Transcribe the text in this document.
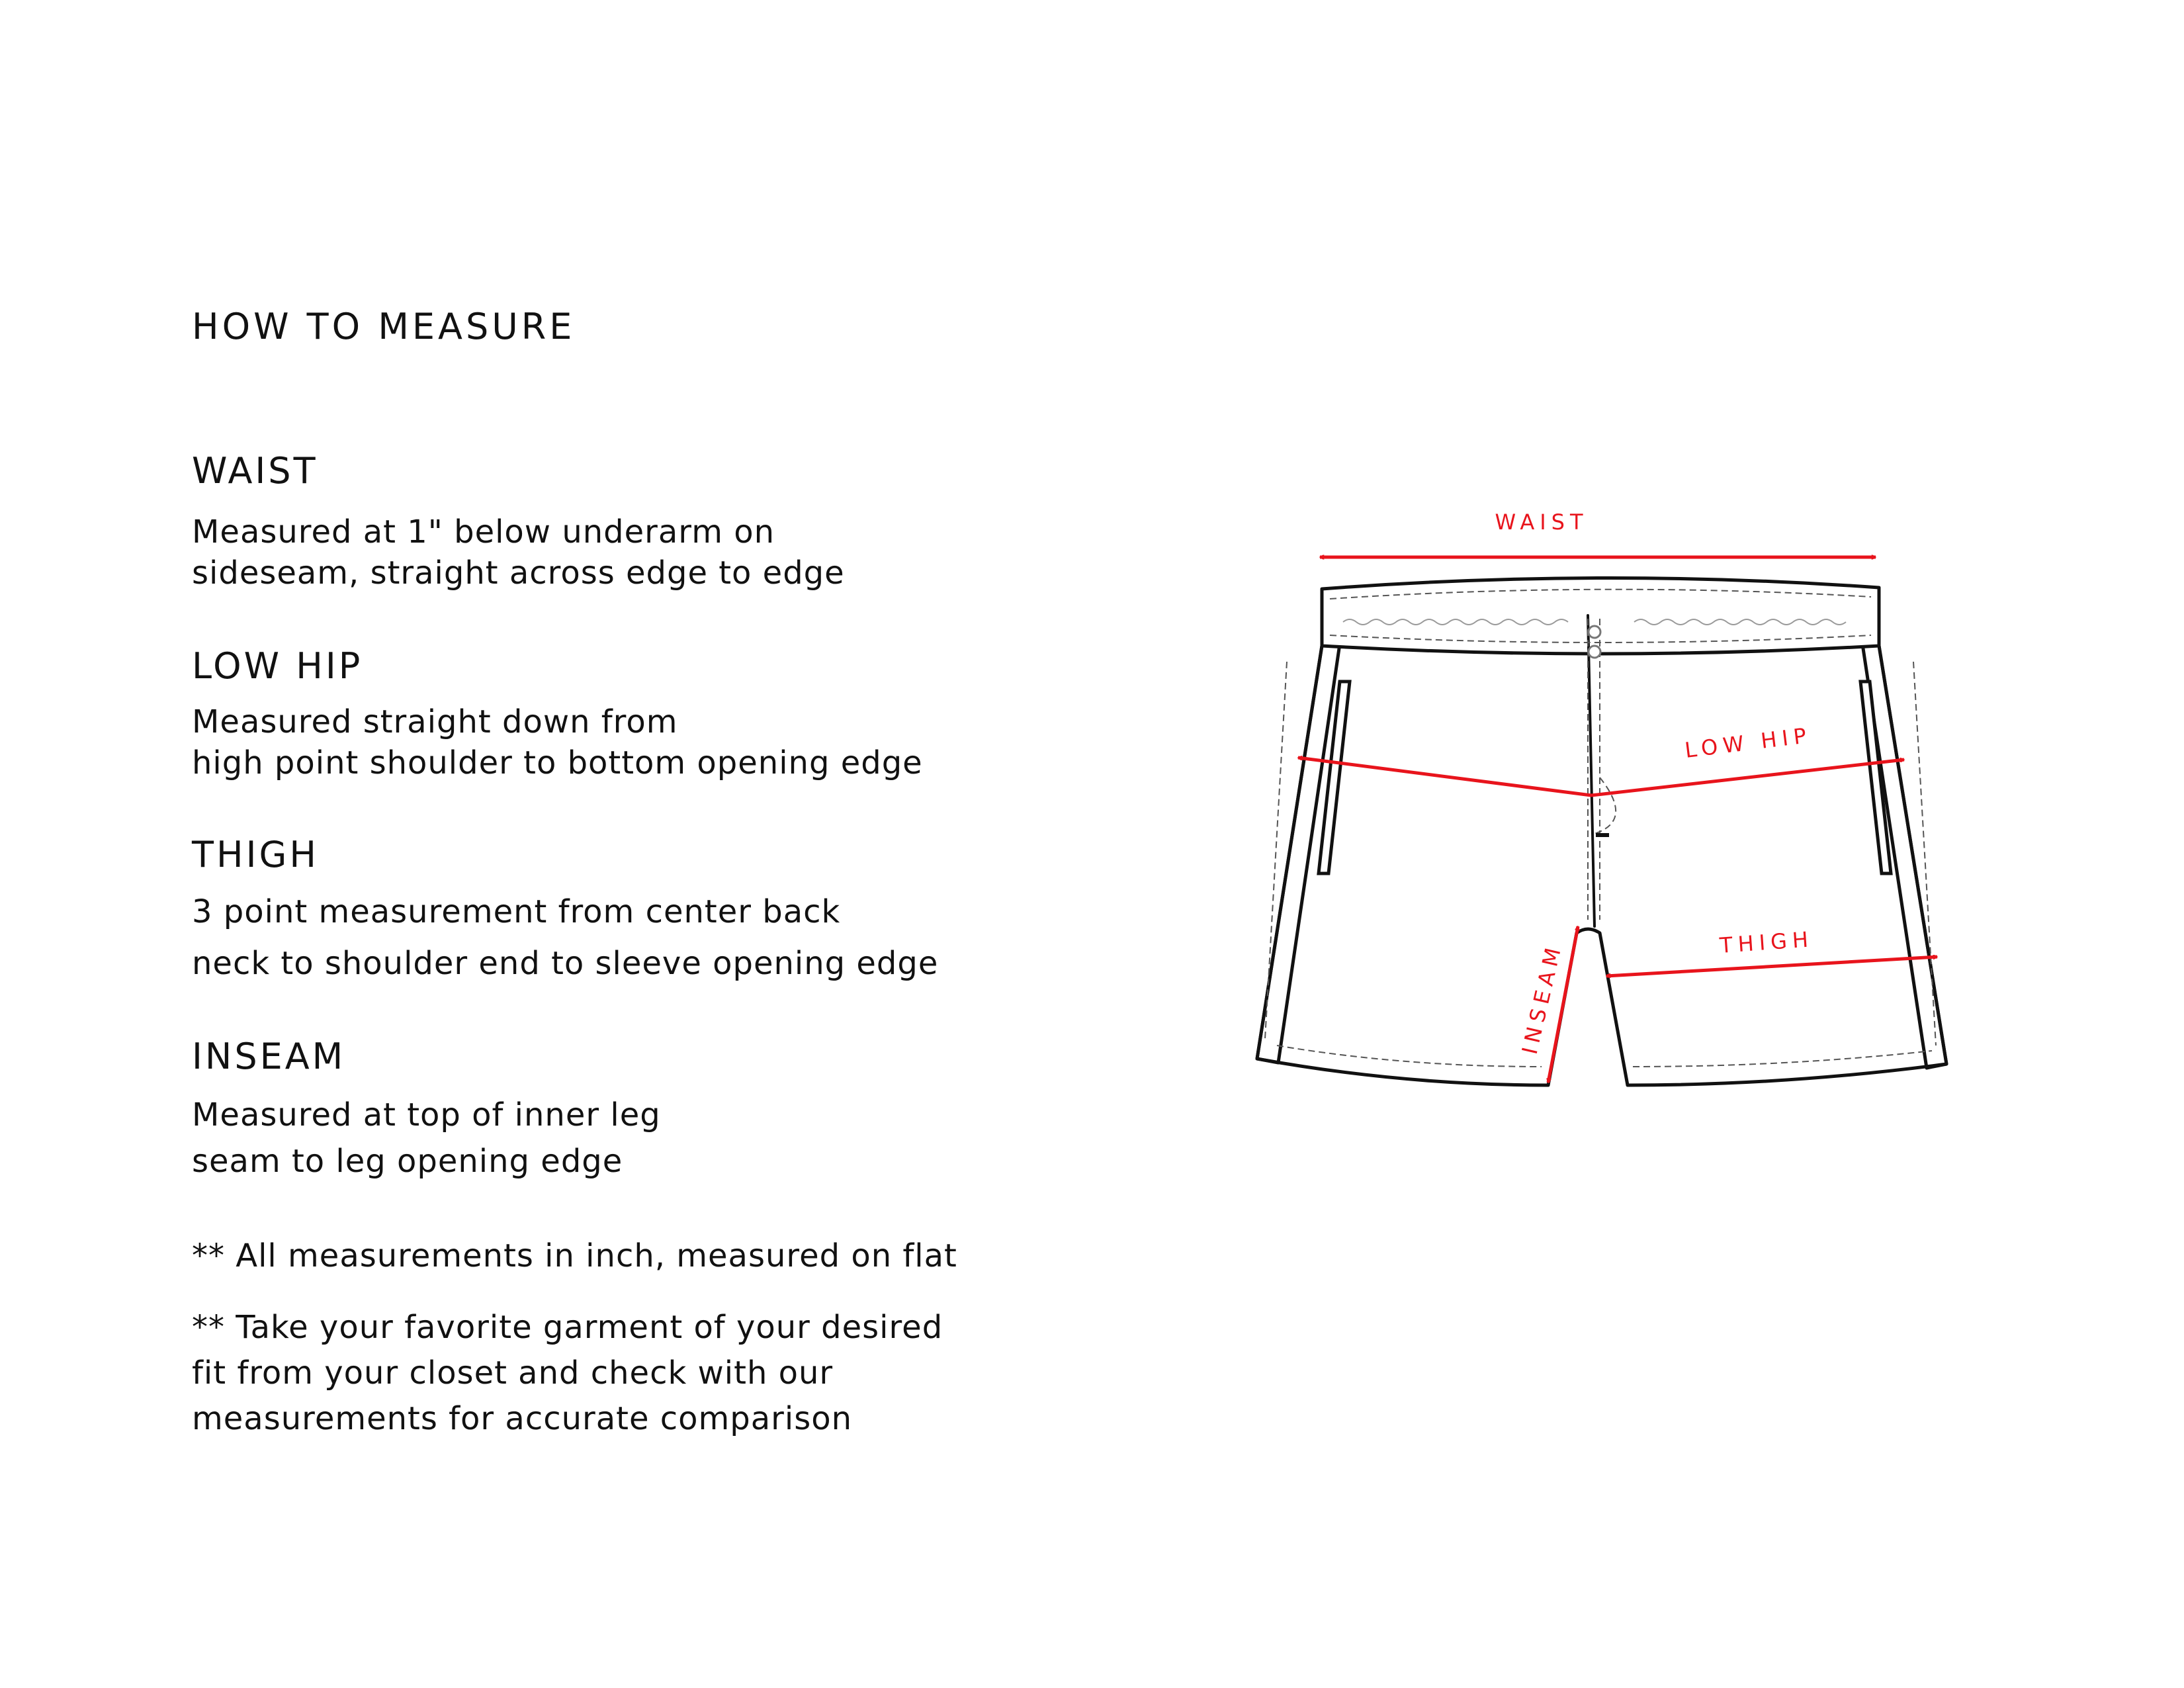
HOW TO MEASURE
WAIST

Measured at 1" below underarm on

sideseam, straight across edge to edge

LOW HIP

Measured straight down from

high point shoulder to bottom opening edge

THIGH

3 point measurement from center back

neck to shoulder end to sleeve opening edge

INSEAM

Measured at top of inner leg

seam to leg opening edge

** All measurements in inch, measured on flat
** Take your favorite garment of your desired
fit from your closet and check with our
measurements for accurate comparison
WAIST
LOW HIP
THIGH
INSEAM
